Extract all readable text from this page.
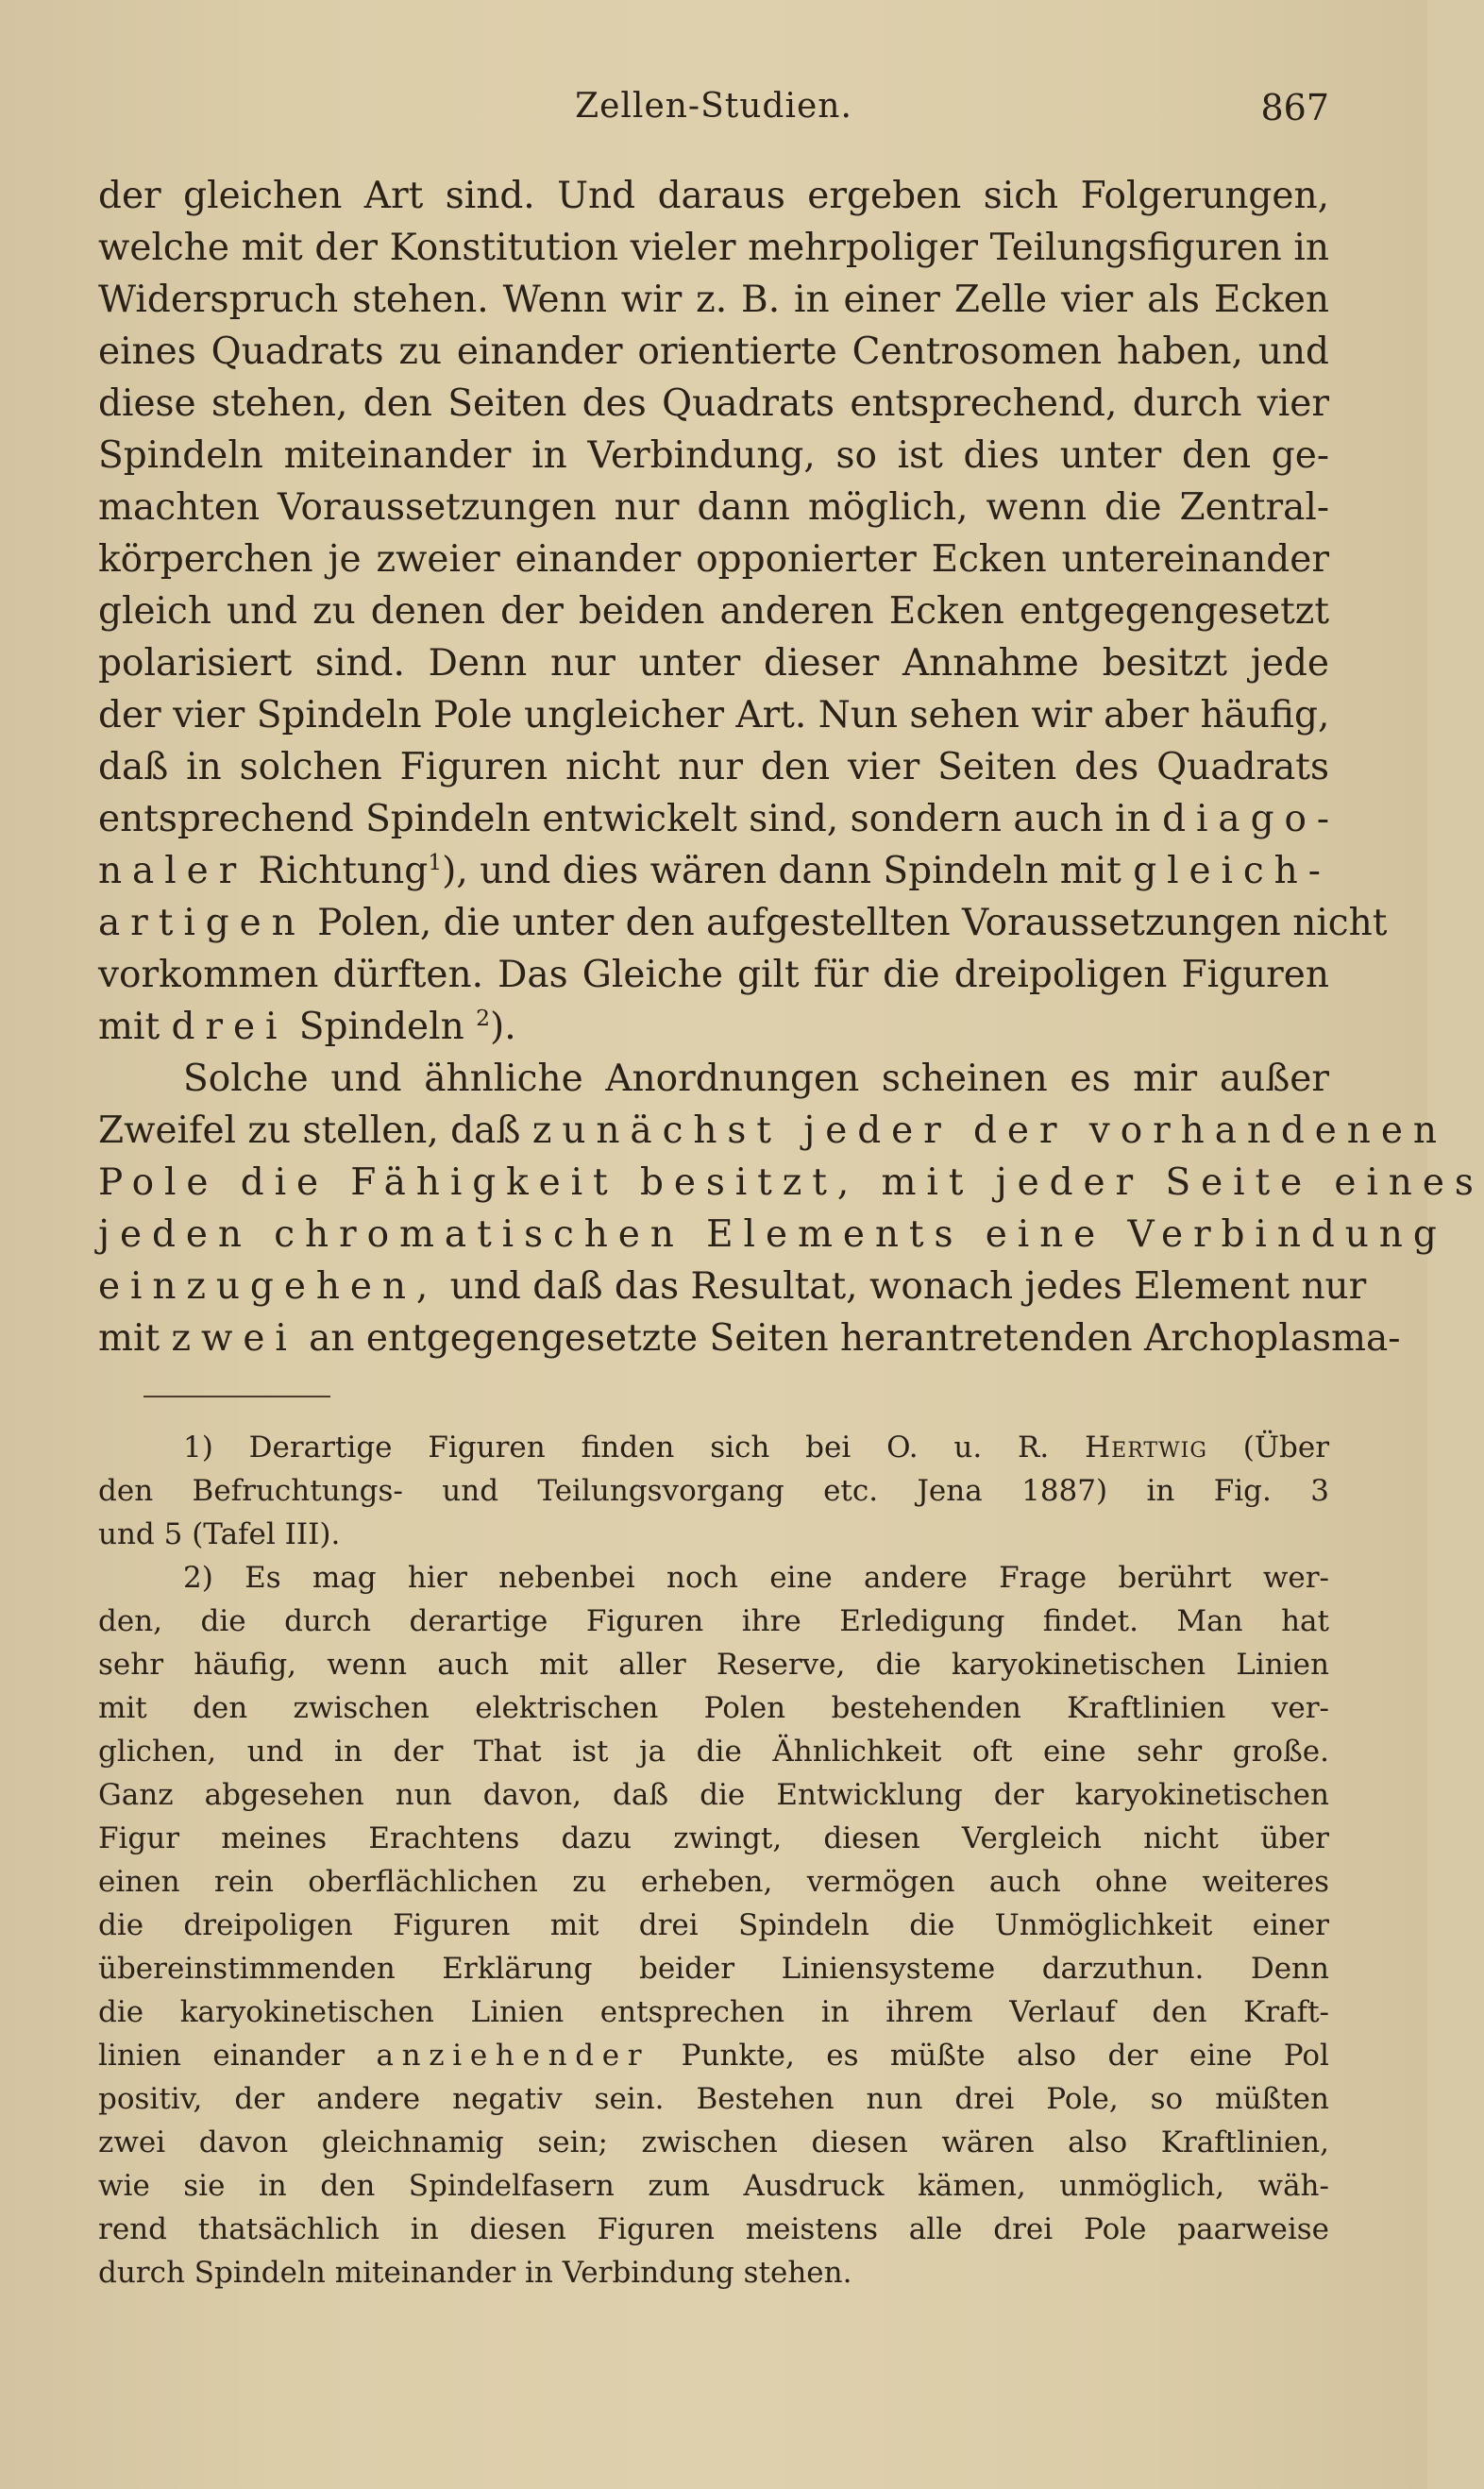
Zellen-Studien.	867
der gleichen Art sind. Und daraus ergeben sich Folgerungen,
welche mit der Konstitution vieler mehrpoliger Teilungsfiguren in
Widerspruch stehen. Wenn wir z. B. in einer Zelle vier als Ecken
eines Quadrats zu einander orientierte Centrosomen haben, und
diese stehen, den Seiten des Quadrats entsprechend, durch vier
Spindeln miteinander in Verbindung, so ist dies unter den ge-
machten Voraussetzungen nur dann möglich, wenn die Zentral-
körperchen je zweier einander opponierter Ecken untereinander
gleich und zu denen der beiden anderen Ecken entgegengesetzt
polarisiert sind. Denn nur unter dieser Annahme besitzt jede
der vier Spindeln Pole ungleicher Art. Nun sehen wir aber häufig,
daß in solchen Figuren nicht nur den vier Seiten des Quadrats
entsprechend Spindeln entwickelt sind, sondern auch in diago-
naler Richtung$^1$), und dies wären dann Spindeln mit gleich-
artigen Polen, die unter den aufgestellten Voraussetzungen nicht
vorkommen dürften. Das Gleiche gilt für die dreipoligen Figuren
mit drei Spindeln $^2$).
Solche und ähnliche Anordnungen scheinen es mir außer
Zweifel zu stellen, daß zunächst jeder der vorhandenen
Pole die Fähigkeit besitzt, mit jeder Seite eines
jeden chromatischen Elements eine Verbindung
einzugehen, und daß das Resultat, wonach jedes Element nur
mit zwei an entgegengesetzte Seiten herantretenden Archoplasma-
1) Derartige Figuren finden sich bei O. u. R. Hertwig (Über
den Befruchtungs- und Teilungsvorgang etc. Jena 1887) in Fig. 3
und 5 (Tafel III).
2) Es mag hier nebenbei noch eine andere Frage berührt wer-
den, die durch derartige Figuren ihre Erledigung findet. Man hat
sehr häufig, wenn auch mit aller Reserve, die karyokinetischen Linien
mit den zwischen elektrischen Polen bestehenden Kraftlinien ver-
glichen, und in der That ist ja die Ähnlichkeit oft eine sehr große.
Ganz abgesehen nun davon, daß die Entwicklung der karyokinetischen
Figur meines Erachtens dazu zwingt, diesen Vergleich nicht über
einen rein oberflächlichen zu erheben, vermögen auch ohne weiteres
die dreipoligen Figuren mit drei Spindeln die Unmöglichkeit einer
übereinstimmenden Erklärung beider Liniensysteme darzuthun. Denn
die karyokinetischen Linien entsprechen in ihrem Verlauf den Kraft-
linien einander anziehender Punkte, es müßte also der eine Pol
positiv, der andere negativ sein. Bestehen nun drei Pole, so müßten
zwei davon gleichnamig sein; zwischen diesen wären also Kraftlinien,
wie sie in den Spindelfasern zum Ausdruck kämen, unmöglich, wäh-
rend thatsächlich in diesen Figuren meistens alle drei Pole paarweise
durch Spindeln miteinander in Verbindung stehen.
